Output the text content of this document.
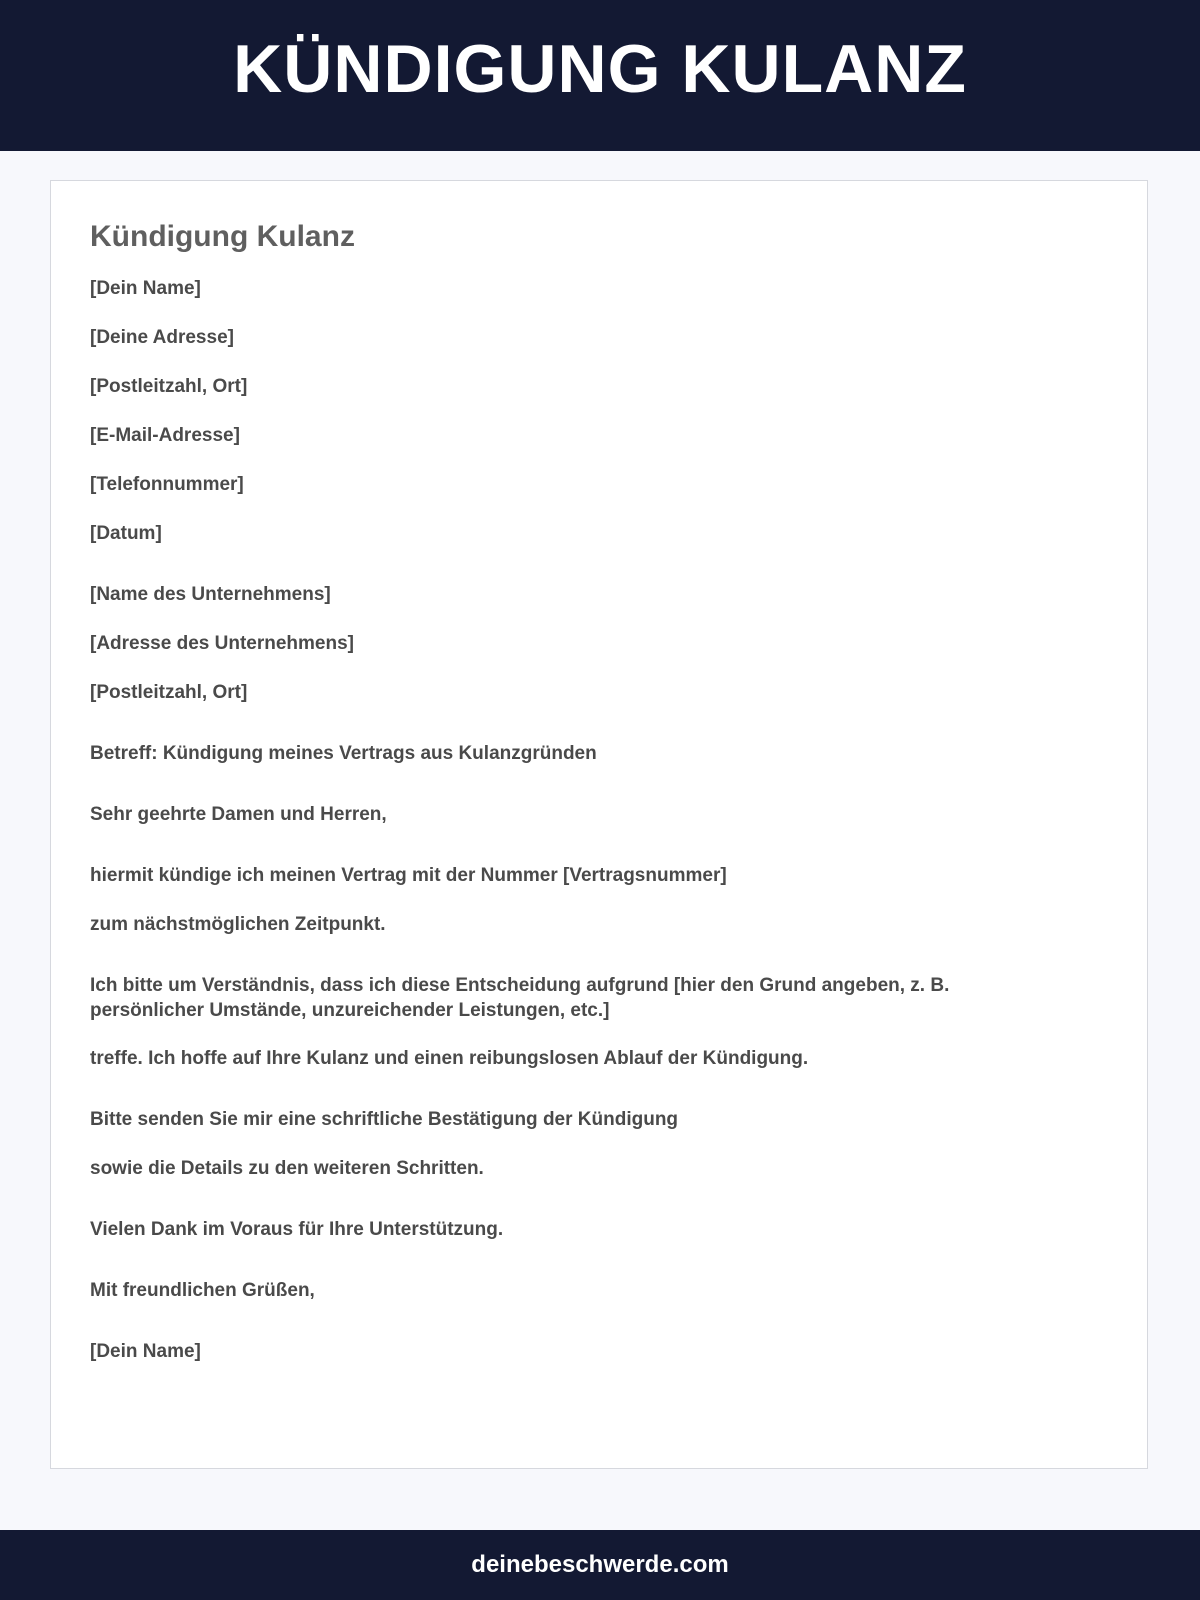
KÜNDIGUNG KULANZ
Kündigung Kulanz

[Dein Name]

[Deine Adresse]

[Postleitzahl, Ort]

[E-Mail-Adresse]

[Telefonnummer]

[Datum]

[Name des Unternehmens]

[Adresse des Unternehmens]

[Postleitzahl, Ort]

Betreff: Kündigung meines Vertrags aus Kulanzgründen

Sehr geehrte Damen und Herren,

hiermit kündige ich meinen Vertrag mit der Nummer [Vertragsnummer]

zum nächstmöglichen Zeitpunkt.

Ich bitte um Verständnis, dass ich diese Entscheidung aufgrund [hier den Grund angeben, z. B. persönlicher Umstände, unzureichender Leistungen, etc.]

treffe. Ich hoffe auf Ihre Kulanz und einen reibungslosen Ablauf der Kündigung.

Bitte senden Sie mir eine schriftliche Bestätigung der Kündigung

sowie die Details zu den weiteren Schritten.

Vielen Dank im Voraus für Ihre Unterstützung.

Mit freundlichen Grüßen,

[Dein Name]

deinebeschwerde.com
